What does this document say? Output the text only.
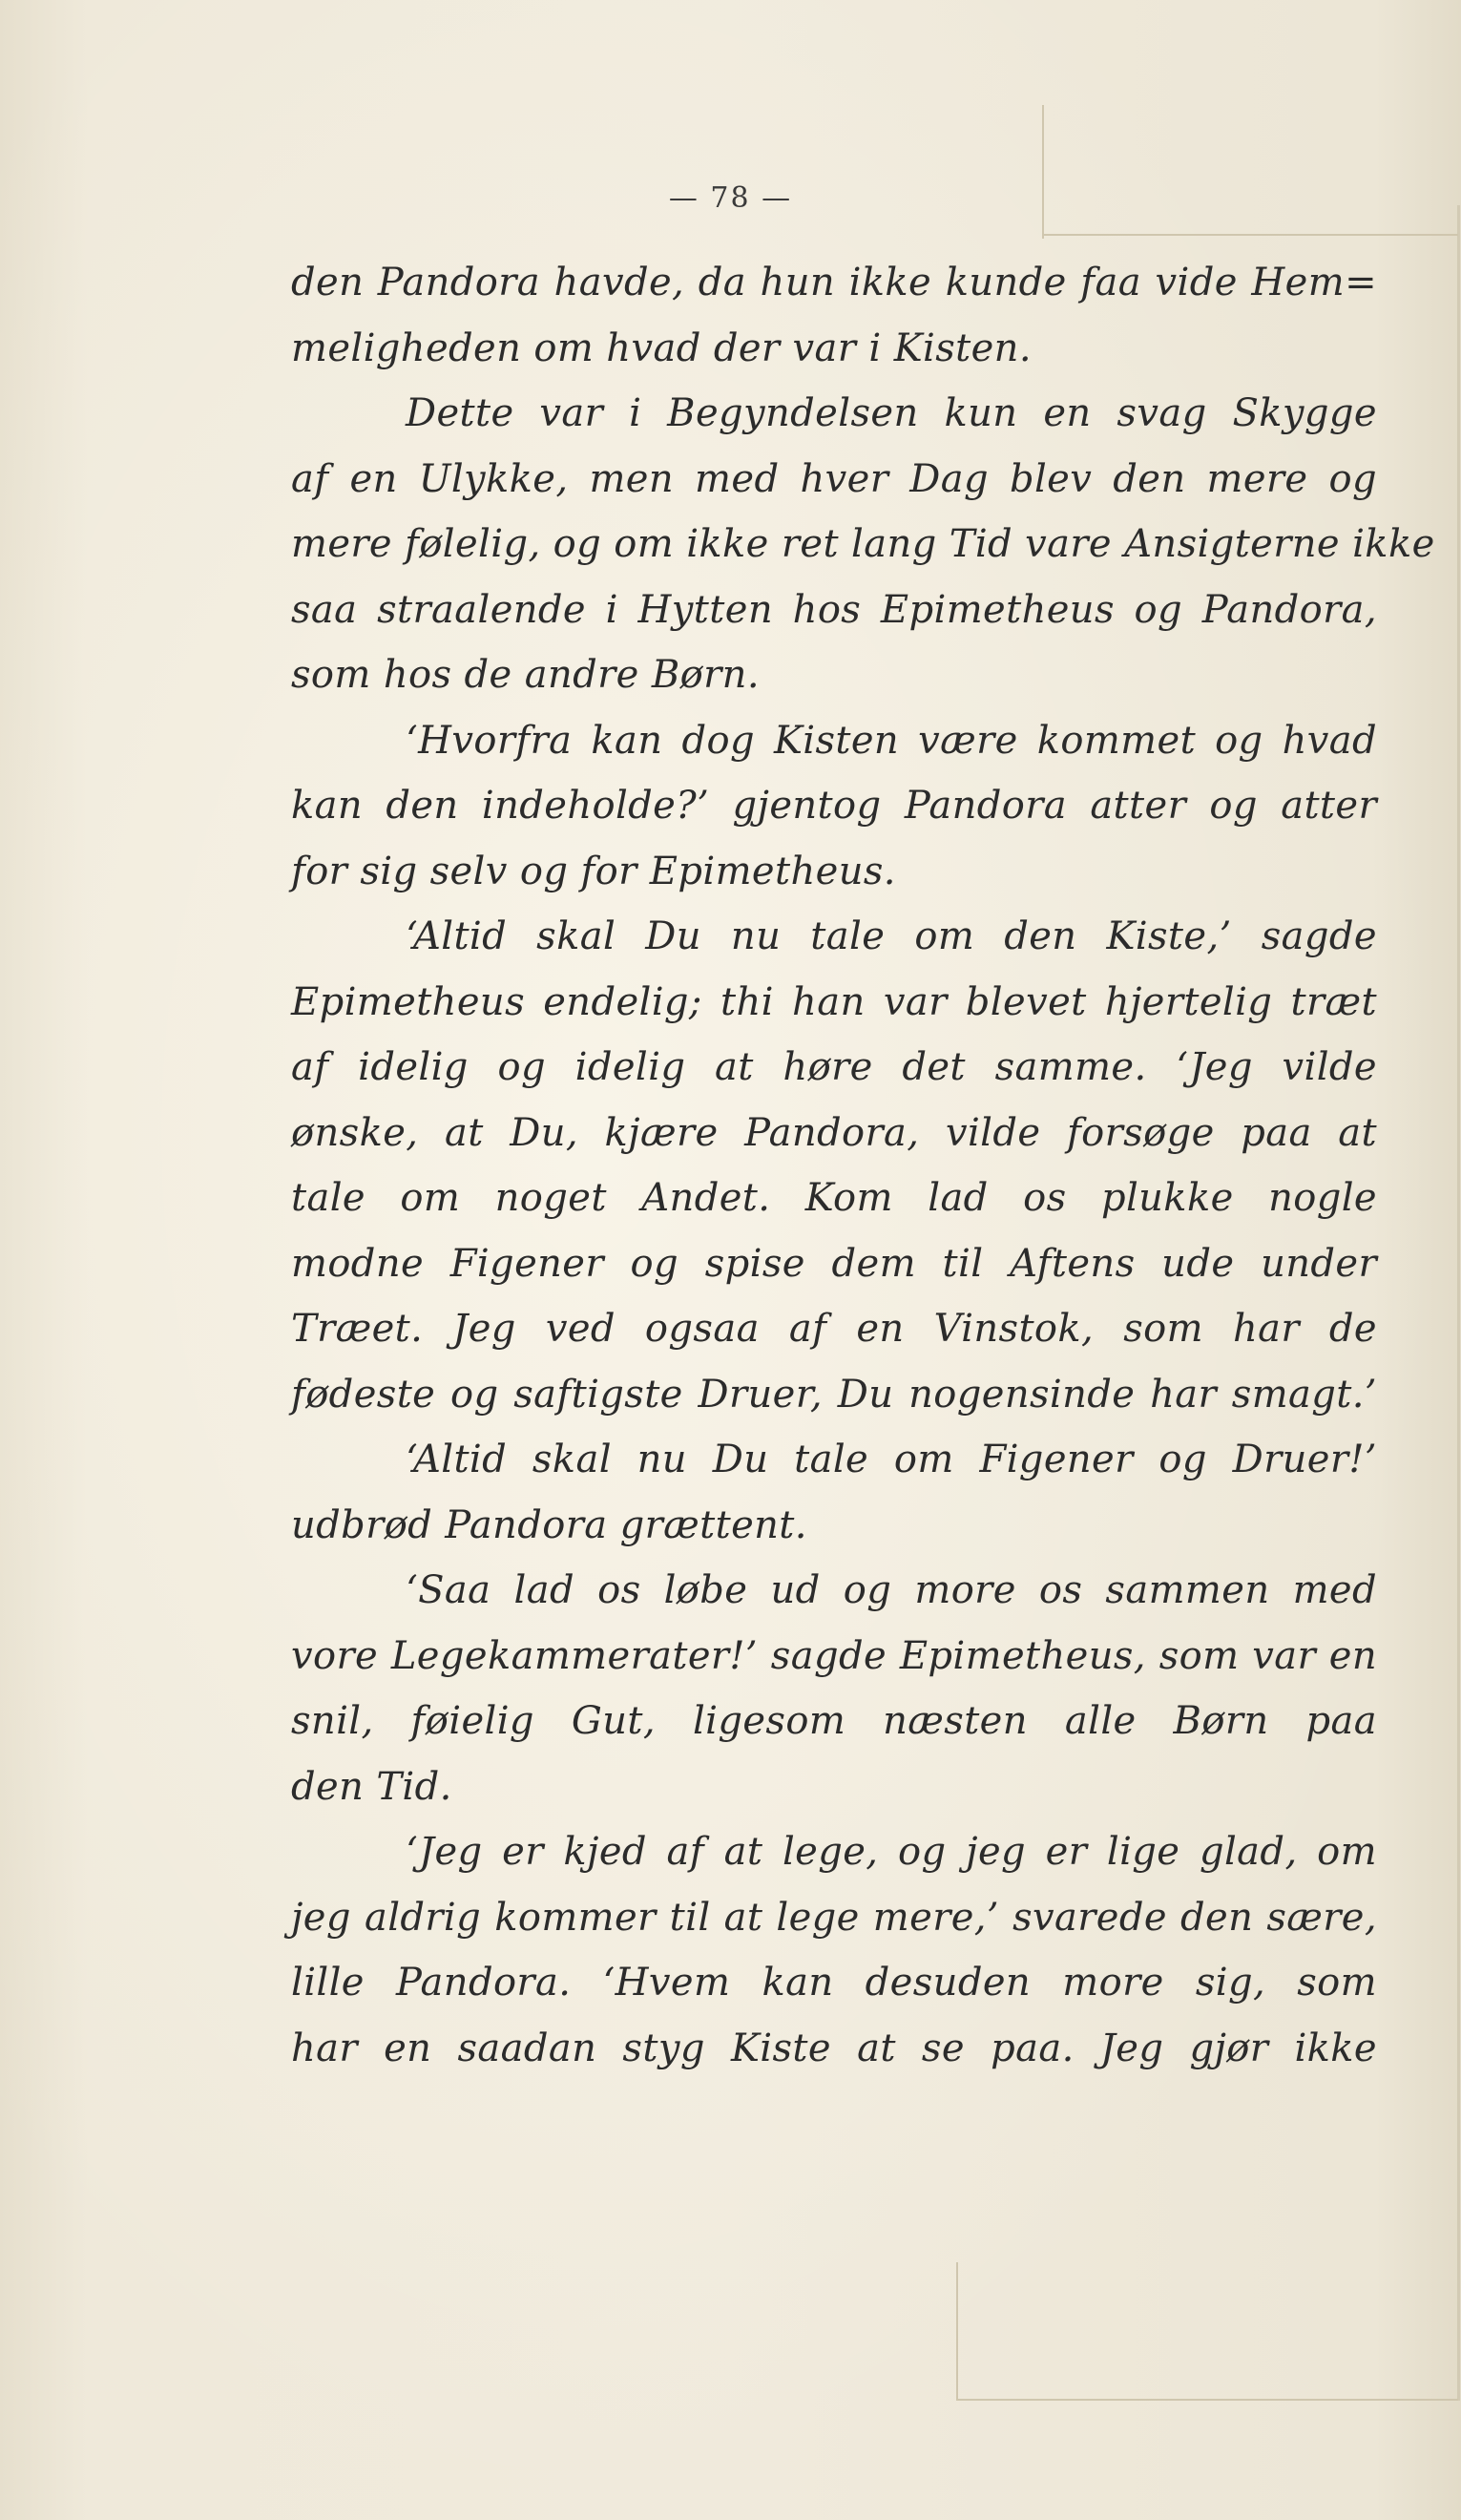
— 78 —
den Pandora havde, da hun ikke kunde faa vide Hem=
meligheden om hvad der var i Kisten.
Dette var i Begyndelsen kun en svag Skygge
af en Ulykke, men med hver Dag blev den mere og
mere følelig, og om ikke ret lang Tid vare Ansigterne ikke
saa straalende i Hytten hos Epimetheus og Pandora,
som hos de andre Børn.
‘Hvorfra kan dog Kisten være kommet og hvad
kan den indeholde?’ gjentog Pandora atter og atter
for sig selv og for Epimetheus.
‘Altid skal Du nu tale om den Kiste,’ sagde
Epimetheus endelig; thi han var blevet hjertelig træt
af idelig og idelig at høre det samme. ‘Jeg vilde
ønske, at Du, kjære Pandora, vilde forsøge paa at
tale om noget Andet. Kom lad os plukke nogle
modne Figener og spise dem til Aftens ude under
Træet. Jeg ved ogsaa af en Vinstok, som har de
fødeste og saftigste Druer, Du nogensinde har smagt.’
‘Altid skal nu Du tale om Figener og Druer!’
udbrød Pandora grættent.
‘Saa lad os løbe ud og more os sammen med
vore Legekammerater!’ sagde Epimetheus, som var en
snil, føielig Gut, ligesom næsten alle Børn paa
den Tid.
‘Jeg er kjed af at lege, og jeg er lige glad, om
jeg aldrig kommer til at lege mere,’ svarede den sære,
lille Pandora. ‘Hvem kan desuden more sig, som
har en saadan styg Kiste at se paa. Jeg gjør ikke
